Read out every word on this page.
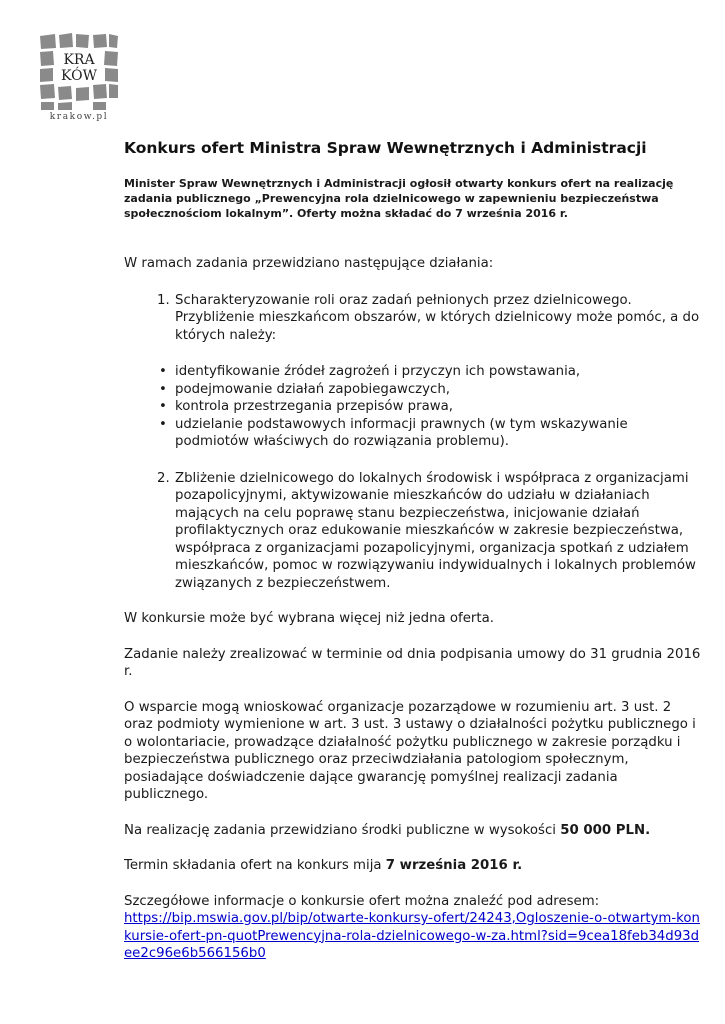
KRA
KÓW
krakow.pl
Konkurs ofert Ministra Spraw Wewnętrznych i Administracji

Minister Spraw Wewnętrznych i Administracji ogłosił otwarty konkurs ofert na realizację zadania publicznego „Prewencyjna rola dzielnicowego w zapewnieniu bezpieczeństwa społecznościom lokalnym”. Oferty można składać do 7 września 2016 r.

W ramach zadania przewidziano następujące działania:

1. Scharakteryzowanie roli oraz zadań pełnionych przez dzielnicowego. Przybliżenie mieszkańcom obszarów, w których dzielnicowy może pomóc, a do których należy:
• identyfikowanie źródeł zagrożeń i przyczyn ich powstawania,
• podejmowanie działań zapobiegawczych,
• kontrola przestrzegania przepisów prawa,
• udzielanie podstawowych informacji prawnych (w tym wskazywanie podmiotów właściwych do rozwiązania problemu).
2. Zbliżenie dzielnicowego do lokalnych środowisk i współpraca z organizacjami pozapolicyjnymi, aktywizowanie mieszkańców do udziału w działaniach mających na celu poprawę stanu bezpieczeństwa, inicjowanie działań profilaktycznych oraz edukowanie mieszkańców w zakresie bezpieczeństwa, współpraca z organizacjami pozapolicyjnymi, organizacja spotkań z udziałem mieszkańców, pomoc w rozwiązywaniu indywidualnych i lokalnych problemów związanych z bezpieczeństwem.

W konkursie może być wybrana więcej niż jedna oferta.

Zadanie należy zrealizować w terminie od dnia podpisania umowy do 31 grudnia 2016 r.

O wsparcie mogą wnioskować organizacje pozarządowe w rozumieniu art. 3 ust. 2 oraz podmioty wymienione w art. 3 ust. 3 ustawy o działalności pożytku publicznego i o wolontariacie, prowadzące działalność pożytku publicznego w zakresie porządku i bezpieczeństwa publicznego oraz przeciwdziałania patologiom społecznym, posiadające doświadczenie dające gwarancję pomyślnej realizacji zadania publicznego.

Na realizację zadania przewidziano środki publiczne w wysokości 50 000 PLN.

Termin składania ofert na konkurs mija 7 września 2016 r.

Szczegółowe informacje o konkursie ofert można znaleźć pod adresem:
https://bip.mswia.gov.pl/bip/otwarte-konkursy-ofert/24243,Ogloszenie-o-otwartym-konkursie-ofert-pn-quotPrewencyjna-rola-dzielnicowego-w-za.html?sid=9cea18feb34d93dee2c96e6b566156b0
